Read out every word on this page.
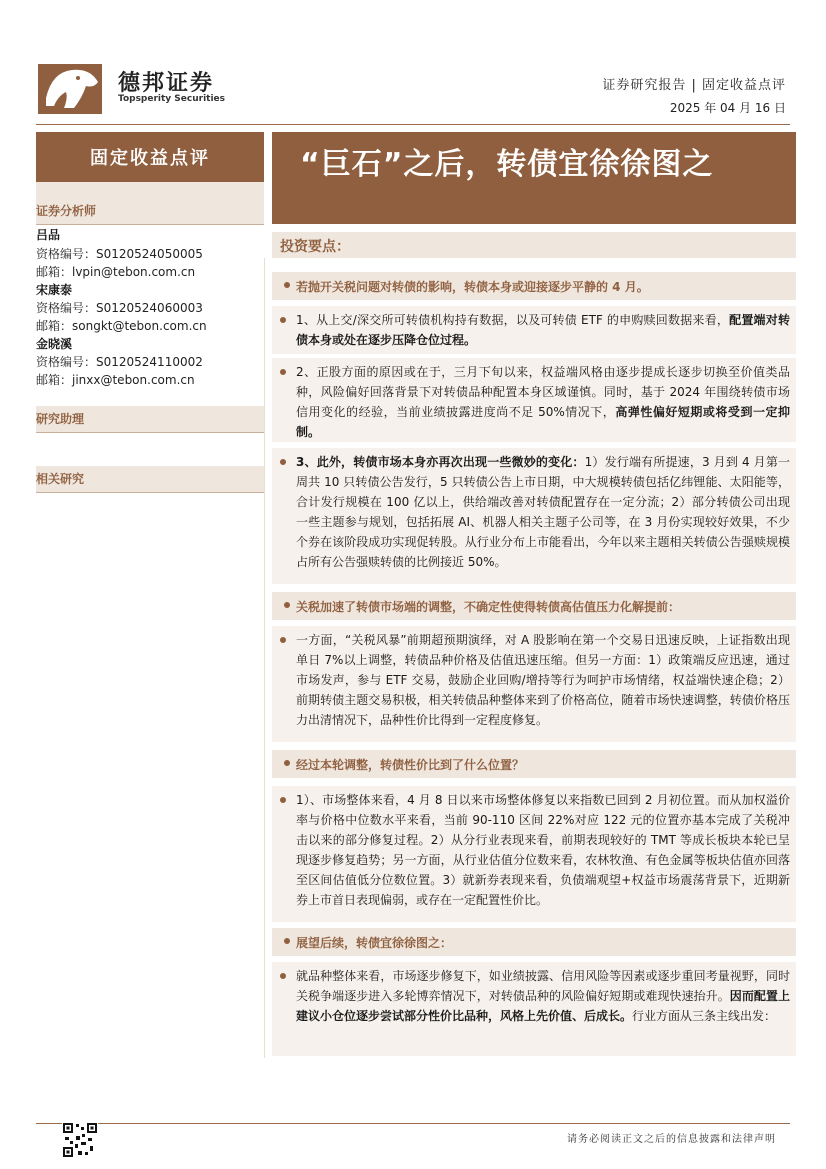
德邦证券
Topsperity Securities
证券研究报告 | 固定收益点评
2025 年 04 月 16 日
固定收益点评	“巨石”之后，转债宜徐徐图之
证券分析师
吕品
资格编号：S0120524050005
邮箱：lvpin@tebon.com.cn
宋康泰
资格编号：S0120524060003
邮箱：songkt@tebon.com.cn
金晓溪
资格编号：S0120524110002
邮箱：jinxx@tebon.com.cn
研究助理
相关研究
投资要点：
若抛开关税问题对转债的影响，转债本身或迎接逐步平静的 4 月。
1、从上交/深交所可转债机构持有数据，以及可转债 ETF 的申购赎回数据来看，配置端对转债本身或处在逐步压降仓位过程。
2、正股方面的原因或在于，三月下旬以来，权益端风格由逐步提成长逐步切换至价值类品种，风险偏好回落背景下对转债品种配置本身区域谨慎。同时，基于 2024 年围绕转债市场信用变化的经验，当前业绩披露进度尚不足 50%情况下，高弹性偏好短期或将受到一定抑制。
3、此外，转债市场本身亦再次出现一些微妙的变化：1）发行端有所提速，3 月到 4 月第一周共 10 只转债公告发行，5 只转债公告上市日期，中大规模转债包括亿纬锂能、太阳能等，合计发行规模在 100 亿以上，供给端改善对转债配置存在一定分流；2）部分转债公司出现一些主题参与规划，包括拓展 AI、机器人相关主题子公司等，在 3 月份实现较好效果，不少个券在该阶段成功实现促转股。从行业分布上市能看出，今年以来主题相关转债公告强赎规模占所有公告强赎转债的比例接近 50%。
关税加速了转债市场端的调整，不确定性使得转债高估值压力化解提前：
一方面，“关税风暴”前期超预期演绎，对 A 股影响在第一个交易日迅速反映，上证指数出现单日 7%以上调整，转债品种价格及估值迅速压缩。但另一方面：1）政策端反应迅速，通过市场发声，参与 ETF 交易，鼓励企业回购/增持等行为呵护市场情绪，权益端快速企稳；2）前期转债主题交易积极，相关转债品种整体来到了价格高位，随着市场快速调整，转债价格压力出清情况下，品种性价比得到一定程度修复。
经过本轮调整，转债性价比到了什么位置？
1）、市场整体来看，4 月 8 日以来市场整体修复以来指数已回到 2 月初位置。而从加权溢价率与价格中位数水平来看，当前 90-110 区间 22%对应 122 元的位置亦基本完成了关税冲击以来的部分修复过程。2）从分行业表现来看，前期表现较好的 TMT 等成长板块本轮已呈现逐步修复趋势；另一方面，从行业估值分位数来看，农林牧渔、有色金属等板块估值亦回落至区间估值低分位数位置。3）就新券表现来看，负债端观望+权益市场震荡背景下，近期新券上市首日表现偏弱，或存在一定配置性价比。
展望后续，转债宜徐徐图之：
就品种整体来看，市场逐步修复下，如业绩披露、信用风险等因素或逐步重回考量视野，同时关税争端逐步进入多轮博弈情况下，对转债品种的风险偏好短期或难现快速抬升。因而配置上建议小仓位逐步尝试部分性价比品种，风格上先价值、后成长。行业方面从三条主线出发：
请务必阅读正文之后的信息披露和法律声明
